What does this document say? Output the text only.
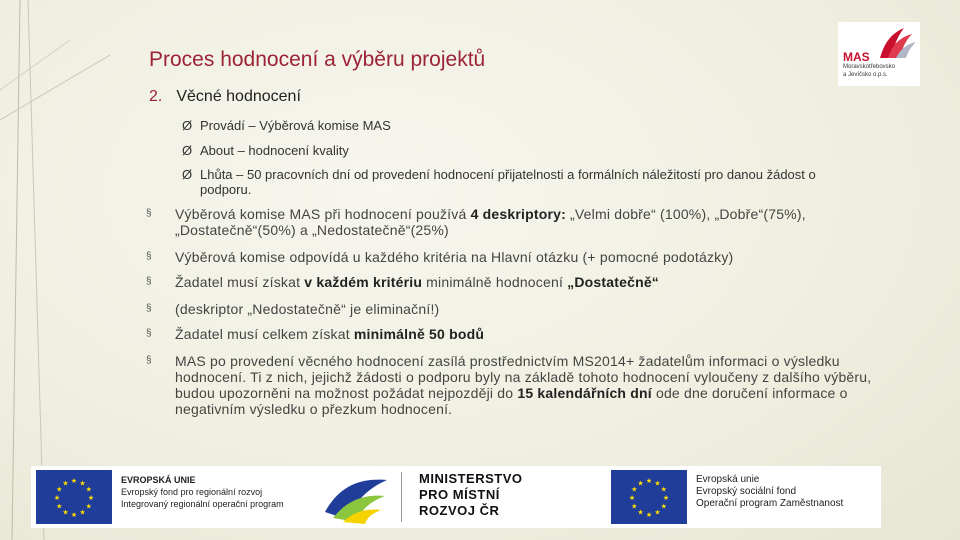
Proces hodnocení a výběru projektů	MAS
Moravskotřebovsko
a Jevíčsko o.p.s.
2. Věcné hodnocení
Ø Provádí – Výběrová komise MAS
Ø About – hodnocení kvality
Ø Lhůta – 50 pracovních dní od provedení hodnocení přijatelnosti a formálních náležitostí pro danou žádost o podporu.
§ Výběrová komise MAS při hodnocení používá 4 deskriptory: „Velmi dobře“ (100%), „Dobře“(75%), „Dostatečně“(50%) a „Nedostatečně“(25%)
§ Výběrová komise odpovídá u každého kritéria na Hlavní otázku (+ pomocné podotázky)
§ Žadatel musí získat v každém kritériu minimálně hodnocení „Dostatečně“
§ (deskriptor „Nedostatečně“ je eliminační!)
§ Žadatel musí celkem získat minimálně 50 bodů
§ MAS po provedení věcného hodnocení zasílá prostřednictvím MS2014+ žadatelům informaci o výsledku hodnocení. Ti z nich, jejichž žádosti o podporu byly na základě tohoto hodnocení vyloučeny z dalšího výběru, budou upozorněni na možnost požádat nejpozději do 15 kalendářních dní ode dne doručení informace o negativním výsledku o přezkum hodnocení.
★
★
★
★
★
★
★
★
★ ★ ★
★
EVROPSKÁ UNIE
Evropský fond pro regionální rozvoj
Integrovaný regionální operační program
MINISTERSTVO
PRO MÍSTNÍ
ROZVOJ ČR
★
★
★
★
★
★
★
★
★ ★ ★
★
Evropská unie
Evropský sociální fond
Operační program Zaměstnanost
